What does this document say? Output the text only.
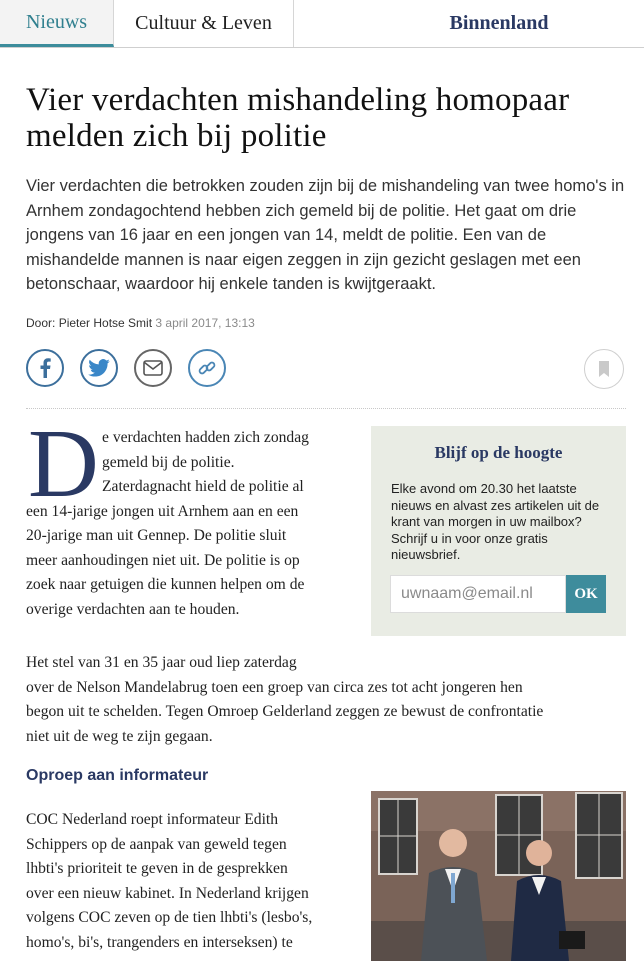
Nieuws Cultuur & Leven	Binnenland
Vier verdachten mishandeling homopaar melden zich bij politie

Vier verdachten die betrokken zouden zijn bij de mishandeling van twee homo's in Arnhem zondagochtend hebben zich gemeld bij de politie. Het gaat om drie jongens van 16 jaar en een jongen van 14, meldt de politie. Een van de mishandelde mannen is naar eigen zeggen in zijn gezicht geslagen met een betonschaar, waardoor hij enkele tanden is kwijtgeraakt.

Door: Pieter Hotse Smit 3 april 2017, 13:13
D e verdachten hadden zich zondag
gemeld bij de politie.
Zaterdagnacht hield de politie al
een 14-jarige jongen uit Arnhem aan en een
20-jarige man uit Gennep. De politie sluit
meer aanhoudingen niet uit. De politie is op
zoek naar getuigen die kunnen helpen om de
overige verdachten aan te houden.

Blijf op de hoogte

Elke avond om 20.30 het laatste nieuws en alvast zes artikelen uit de krant van morgen in uw mailbox? Schrijf u in voor onze gratis nieuwsbrief.

uwnaam@email.nl
OK

Het stel van 31 en 35 jaar oud liep zaterdag
over de Nelson Mandelabrug toen een groep van circa zes tot acht jongeren hen
begon uit te schelden. Tegen Omroep Gelderland zeggen ze bewust de confrontatie
niet uit de weg te zijn gegaan.

Oproep aan informateur

COC Nederland roept informateur Edith
Schippers op de aanpak van geweld tegen
lhbti's prioriteit te geven in de gesprekken
over een nieuw kabinet. In Nederland krijgen
volgens COC zeven op de tien lhbti's (lesbo's,
homo's, bi's, trangenders en interseksen) te
